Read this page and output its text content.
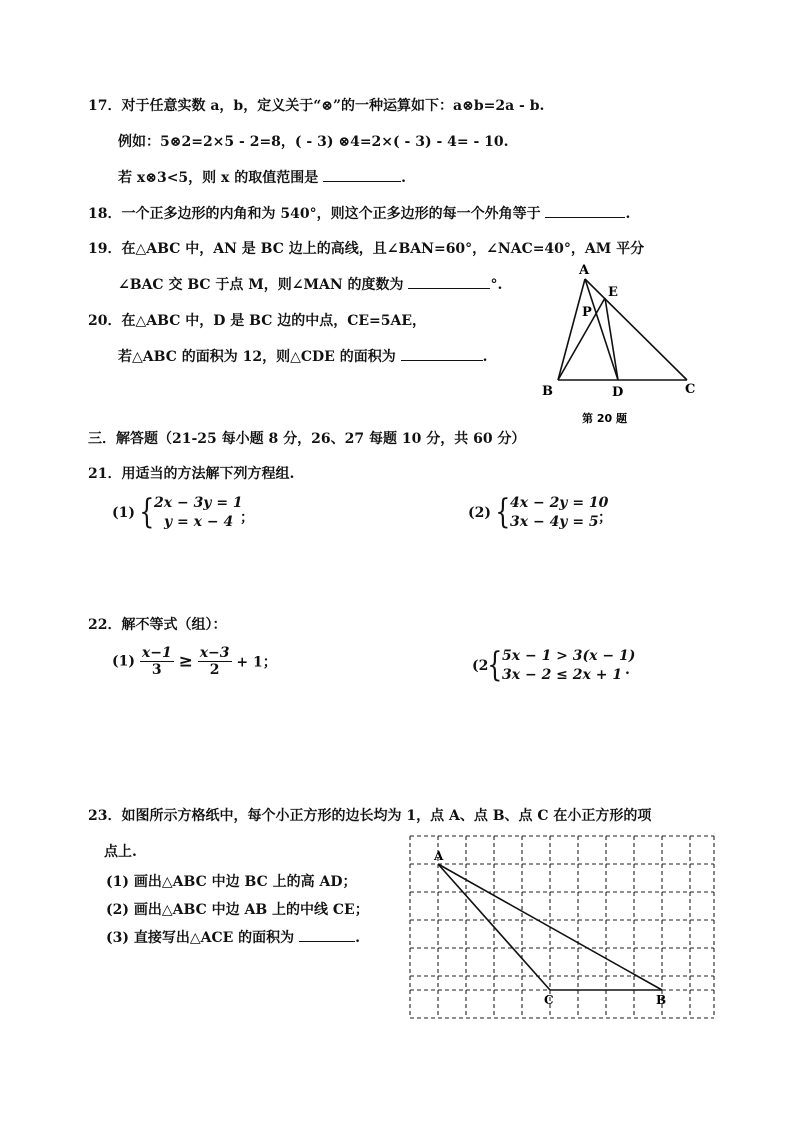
17．对于任意实数 a，b，定义关于“⊗”的一种运算如下：a⊗b=2a - b.
例如：5⊗2=2×5 - 2=8，( - 3) ⊗4=2×( - 3) - 4= - 10.
若 x⊗3<5，则 x 的取值范围是	.
18．一个正多边形的内角和为 540°，则这个正多边形的每一个外角等于	.
19．在△ABC 中，AN 是 BC 边上的高线，且∠BAN=60°，∠NAC=40°，AM 平分
∠BAC 交 BC 于点 M，则∠MAN 的度数为	°.
20．在△ABC 中，D 是 BC 边的中点，CE=5AE，
若△ABC 的面积为 12，则△CDE 的面积为	.
A
E
P
B	D	C
第 20 题
三．解答题（21-25 每小题 8 分，26、27 每题 10 分，共 60 分）
21．用适当的方法解下列方程组.
(1) { 2x − 3y = 1
y = x − 4 ；	(2) { 4x − 2y = 10
3x − 4y = 5 ；
22．解不等式（组）：
$(1) \frac{x-1}{3} \ge \frac{x-3}{2} + 1$；	(2
{ 5x − 1 > 3(x − 1)
3x − 2 ≤ 2x + 1 .
23．如图所示方格纸中，每个小正方形的边长均为 1，点 A、点 B、点 C 在小正方形的项
点上.
(1) 画出△ABC 中边 BC 上的高 AD；
(2) 画出△ABC 中边 AB 上的中线 CE；
(3) 直接写出△ACE 的面积为	.
A
C	B
